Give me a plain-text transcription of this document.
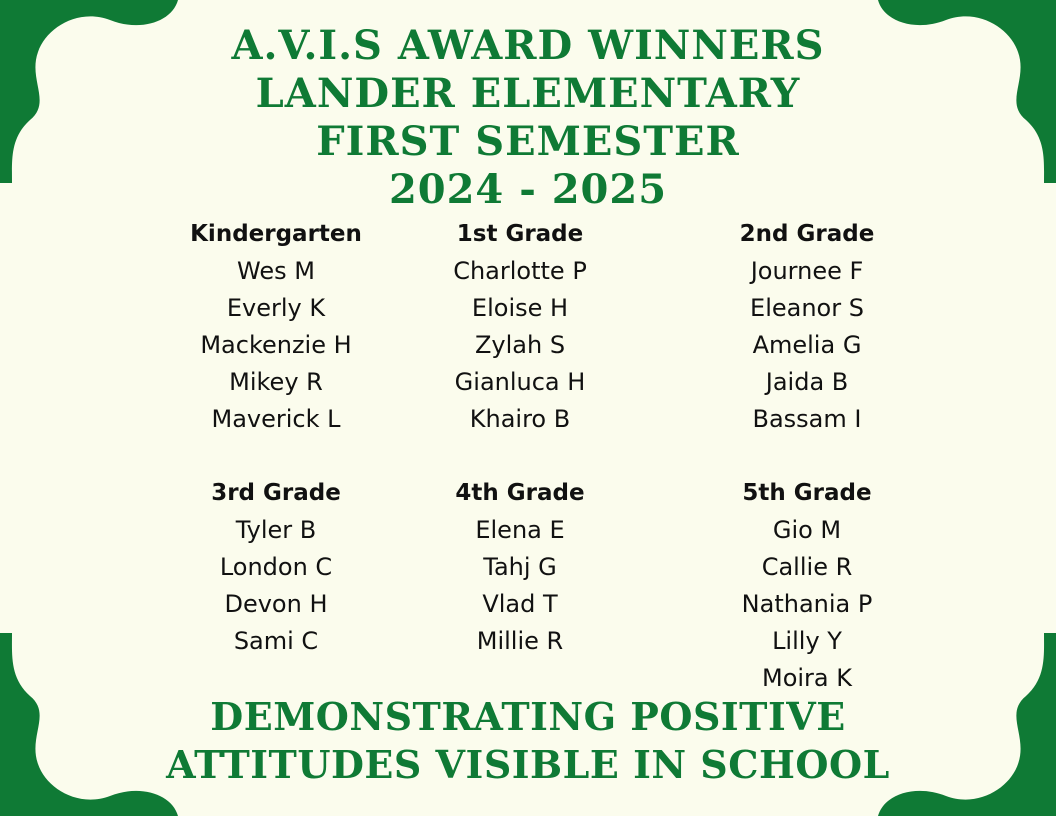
A.V.I.S AWARD WINNERS
LANDER ELEMENTARY
FIRST SEMESTER
2024 - 2025
Kindergarten
Wes M
Everly K
Mackenzie H
Mikey R
Maverick L
1st Grade
Charlotte P
Eloise H
Zylah S
Gianluca H
Khairo B
2nd Grade
Journee F
Eleanor S
Amelia G
Jaida B
Bassam I
3rd Grade
Tyler B
London C
Devon H
Sami C
4th Grade
Elena E
Tahj G
Vlad T
Millie R
5th Grade
Gio M
Callie R
Nathania P
Lilly Y
Moira K
DEMONSTRATING POSITIVE
ATTITUDES VISIBLE IN SCHOOL
